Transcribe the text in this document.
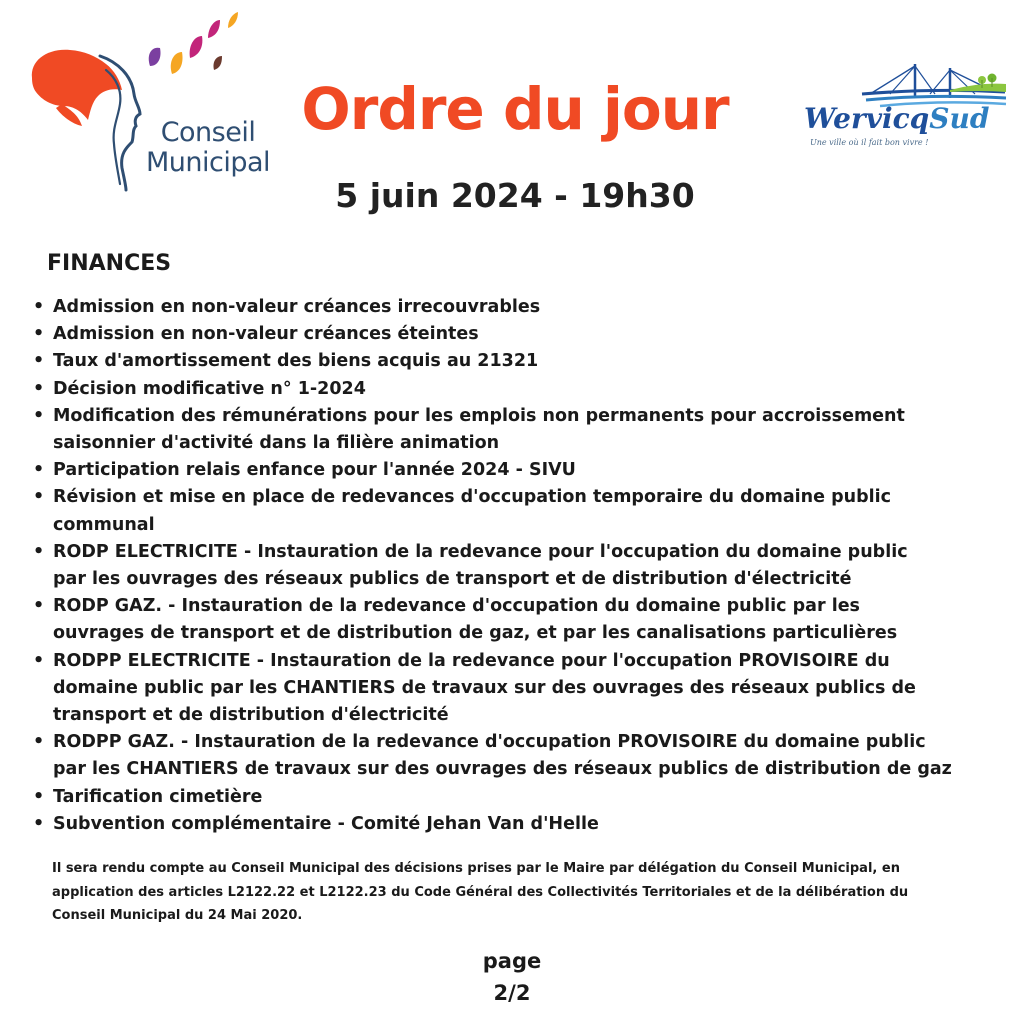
Conseil
Municipal
Ordre du jour
5 juin 2024 - 19h30
WervicqSud
Une ville où il fait bon vivre !
FINANCES
• Admission en non-valeur créances irrecouvrables
• Admission en non-valeur créances éteintes
• Taux d'amortissement des biens acquis au 21321
• Décision modificative n° 1-2024
• Modification des rémunérations pour les emplois non permanents pour accroissement
saisonnier d'activité dans la filière animation
• Participation relais enfance pour l'année 2024 - SIVU
• Révision et mise en place de redevances d'occupation temporaire du domaine public
communal
• RODP ELECTRICITE - Instauration de la redevance pour l'occupation du domaine public
par les ouvrages des réseaux publics de transport et de distribution d'électricité
• RODP GAZ. - Instauration de la redevance d'occupation du domaine public par les
ouvrages de transport et de distribution de gaz, et par les canalisations particulières
• RODPP ELECTRICITE - Instauration de la redevance pour l'occupation PROVISOIRE du
domaine public par les CHANTIERS de travaux sur des ouvrages des réseaux publics de
transport et de distribution d'électricité
• RODPP GAZ. - Instauration de la redevance d'occupation PROVISOIRE du domaine public
par les CHANTIERS de travaux sur des ouvrages des réseaux publics de distribution de gaz
• Tarification cimetière
• Subvention complémentaire - Comité Jehan Van d'Helle

Il sera rendu compte au Conseil Municipal des décisions prises par le Maire par délégation du Conseil Municipal, en
application des articles L2122.22 et L2122.23 du Code Général des Collectivités Territoriales et de la délibération du
Conseil Municipal du 24 Mai 2020.

page
2/2
